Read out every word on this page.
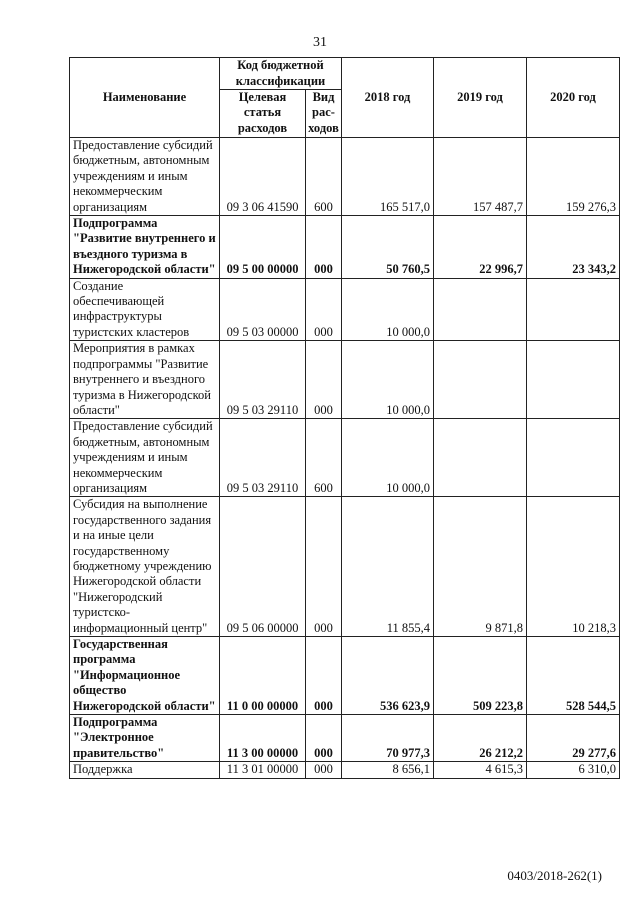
31
Наименование	Код бюджетной классификации		2018 год	2019 год	2020 год
	Целевая статья расходов	Вид рас-ходов			
Предоставление субсидий бюджетным, автономным учреждениям и иным некоммерческим организациям	09 3 06 41590	600	165 517,0	157 487,7	159 276,3
Подпрограмма "Развитие внутреннего и въездного туризма в Нижегородской области"	09 5 00 00000	000	50 760,5	22 996,7	23 343,2
Создание обеспечивающей инфраструктуры туристских кластеров	09 5 03 00000	000	10 000,0		
Мероприятия в рамках подпрограммы "Развитие внутреннего и въездного туризма в Нижегородской области"	09 5 03 29110	000	10 000,0		
Предоставление субсидий бюджетным, автономным учреждениям и иным некоммерческим организациям	09 5 03 29110	600	10 000,0		
Субсидия на выполнение государственного задания и на иные цели государственному бюджетному учреждению Нижегородской области "Нижегородский туристско-информационный центр"	09 5 06 00000	000	11 855,4	9 871,8	10 218,3
Государственная программа "Информационное общество Нижегородской области"	11 0 00 00000	000	536 623,9	509 223,8	528 544,5
Подпрограмма "Электронное правительство"	11 3 00 00000	000	70 977,3	26 212,2	29 277,6
Поддержка	11 3 01 00000	000	8 656,1	4 615,3	6 310,0
0403/2018-262(1)
